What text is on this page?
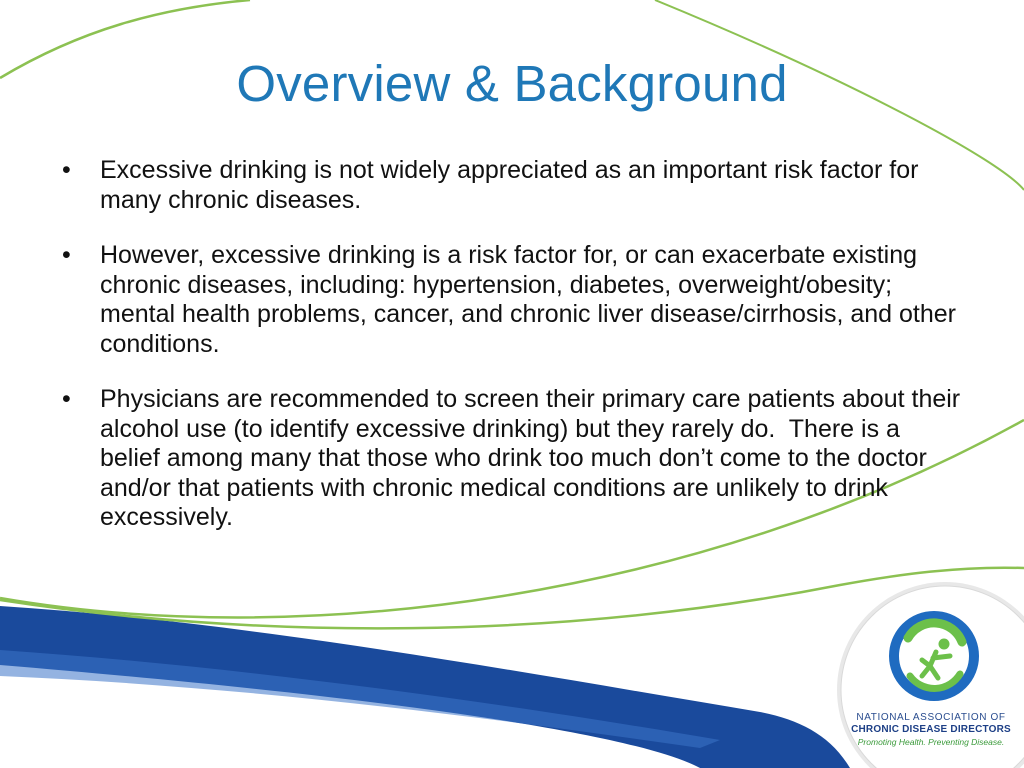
Overview & Background
•	Excessive drinking is not widely appreciated as an important risk factor for many chronic diseases.
•	However, excessive drinking is a risk factor for, or can exacerbate existing chronic diseases, including: hypertension, diabetes, overweight/obesity; mental health problems, cancer, and chronic liver disease/cirrhosis, and other conditions.
•	Physicians are recommended to screen their primary care patients about their alcohol use (to identify excessive drinking) but they rarely do.  There is a belief among many that those who drink too much don’t come to the doctor and/or that patients with chronic medical conditions are unlikely to drink excessively.
NATIONAL ASSOCIATION OF
CHRONIC DISEASE DIRECTORS
Promoting Health. Preventing Disease.
